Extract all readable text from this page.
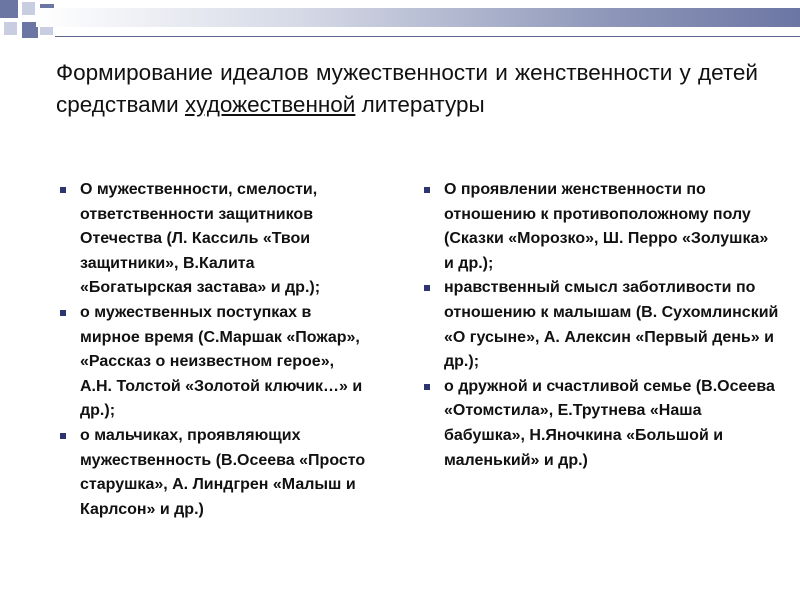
Формирование идеалов мужественности и женственности у детей средствами художественной литературы
О мужественности, смелости, ответственности защитников Отечества (Л. Кассиль «Твои защитники», В.Калита «Богатырская застава» и др.);
о мужественных поступках в мирное время (С.Маршак «Пожар», «Рассказ о неизвестном герое», А.Н. Толстой «Золотой ключик…» и др.);
о мальчиках, проявляющих мужественность (В.Осеева «Просто старушка», А. Линдгрен «Малыш и Карлсон» и др.)
О проявлении женственности по отношению к противоположному полу (Сказки «Морозко», Ш. Перро «Золушка» и др.);
нравственный смысл заботливости по отношению к малышам (В. Сухомлинский «О гусыне», А. Алексин «Первый день» и др.);
о дружной и счастливой семье (В.Осеева «Отомстила», Е.Трутнева «Наша бабушка», Н.Яночкина «Большой и маленький» и др.)
